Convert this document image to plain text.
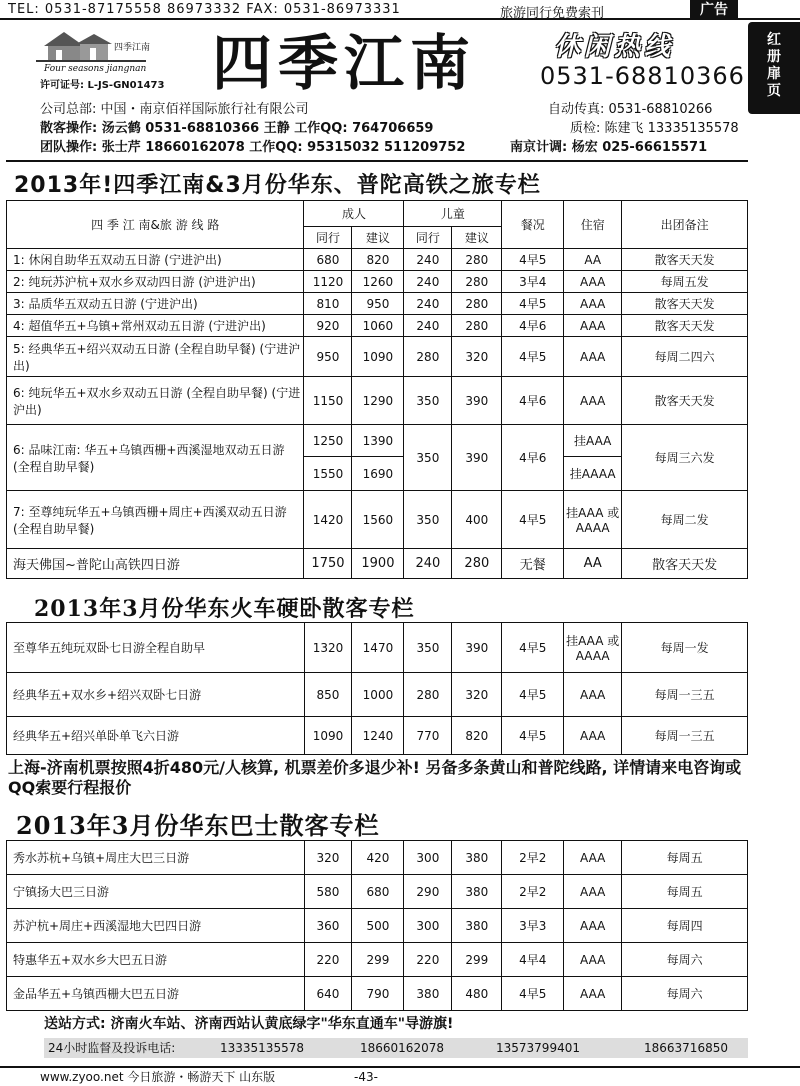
TEL: 0531-87175558 86973332 FAX: 0531-86973331	旅游同行免费索刊	广告
红
册
扉
页
四季江南
Four seasons jiangnan
许可证号: L-JS-GN01473 四季江南	休闲热线
0531-68810366
公司总部: 中国・南京佰祥国际旅行社有限公司	自动传真: 0531-68810266
散客操作: 汤云鹤 0531-68810366 王静 工作QQ: 764706659	质检: 陈建飞 13335135578
团队操作: 张士芹 18660162078 工作QQ: 95315032 511209752	南京计调: 杨宏 025-66615571
2013年!四季江南&3月份华东、普陀高铁之旅专栏
四 季 江 南&旅 游 线 路	成人		儿童		餐况	住宿	出团备注
	同行	建议	同行	建议			
1: 休闲自助华五双动五日游 (宁进沪出)	680	820	240	280	4早5	AA	散客天天发
2: 纯玩苏沪杭+双水乡双动四日游 (沪进沪出)	1120	1260	240	280	3早4	AAA	每周五发
3: 品质华五双动五日游 (宁进沪出)	810	950	240	280	4早5	AAA	散客天天发
4: 超值华五+乌镇+常州双动五日游 (宁进沪出)	920	1060	240	280	4早6	AAA	散客天天发
5: 经典华五+绍兴双动五日游 (全程自助早餐) (宁进沪出)	950	1090	280	320	4早5	AAA	每周二四六
6: 纯玩华五+双水乡双动五日游 (全程自助早餐) (宁进沪出)	1150	1290	350	390	4早6	AAA	散客天天发
6: 品味江南: 华五+乌镇西栅+西溪湿地双动五日游 (全程自助早餐)	1250	1390	350	390	4早6	挂AAA	每周三六发
	1550	1690				挂AAAA	
7: 至尊纯玩华五+乌镇西栅+周庄+西溪双动五日游 (全程自助早餐)	1420	1560	350	400	4早5	挂AAA 或 AAAA	每周二发
海天佛国~普陀山高铁四日游	1750	1900	240	280	无餐	AA	散客天天发
2013年3月份华东火车硬卧散客专栏
至尊华五纯玩双卧七日游全程自助早	1320	1470	350	390	4早5	挂AAA 或 AAAA	每周一发
经典华五+双水乡+绍兴双卧七日游	850	1000	280	320	4早5	AAA	每周一三五
经典华五+绍兴单卧单飞六日游	1090	1240	770	820	4早5	AAA	每周一三五
上海-济南机票按照4折480元/人核算, 机票差价多退少补! 另备多条黄山和普陀线路, 详情请来电咨询或QQ索要行程报价
2013年3月份华东巴士散客专栏
秀水苏杭+乌镇+周庄大巴三日游	320	420	300	380	2早2	AAA	每周五
宁镇扬大巴三日游	580	680	290	380	2早2	AAA	每周五
苏沪杭+周庄+西溪湿地大巴四日游	360	500	300	380	3早3	AAA	每周四
特惠华五+双水乡大巴五日游	220	299	220	299	4早4	AAA	每周六
金品华五+乌镇西栅大巴五日游	640	790	380	480	4早5	AAA	每周六
送站方式: 济南火车站、济南西站认黄底绿字"华东直通车"导游旗!
24小时监督及投诉电话:	13335135578	18660162078	13573799401	18663716850
www.zyoo.net 今日旅游・畅游天下 山东版	-43-
